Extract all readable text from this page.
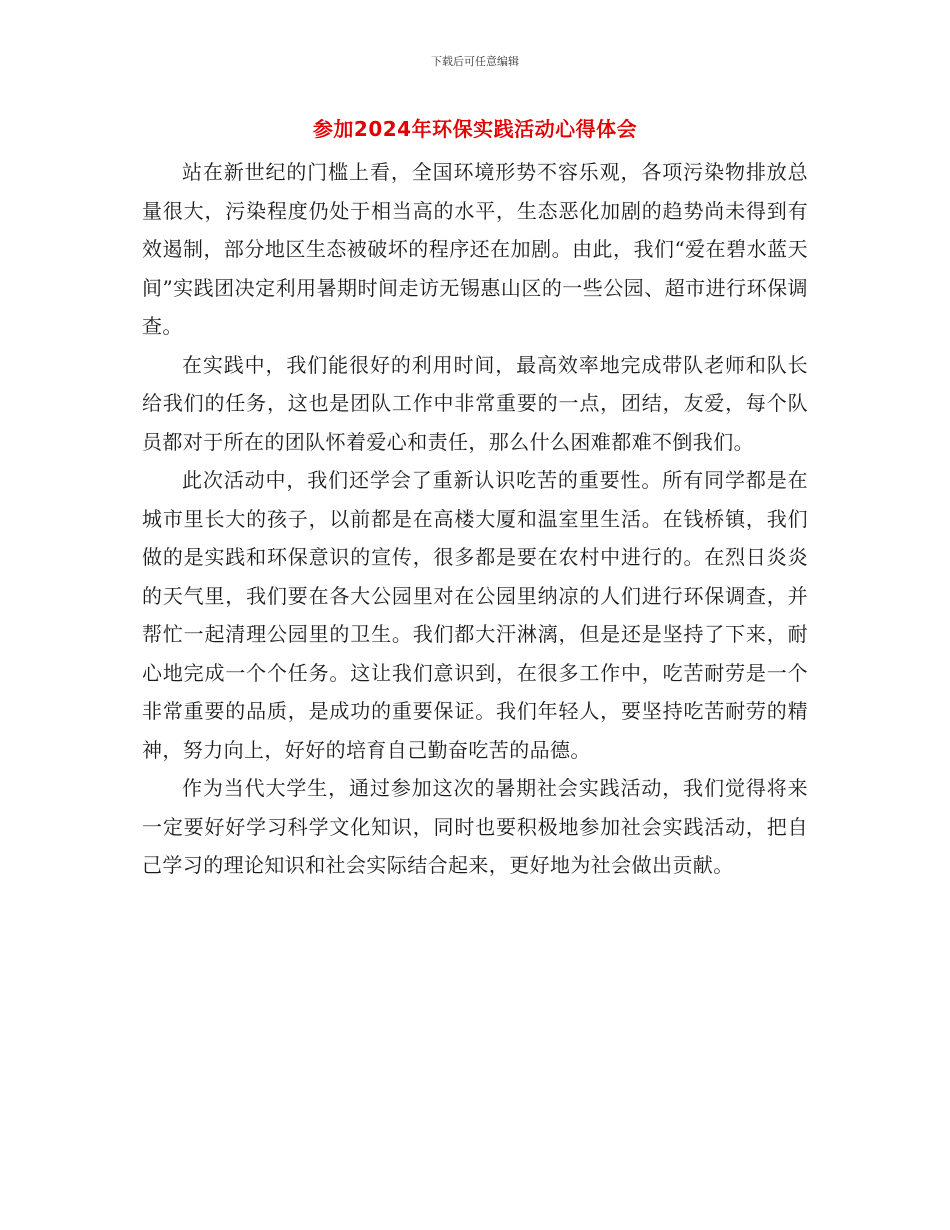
下载后可任意编辑
参加2024年环保实践活动心得体会

站在新世纪的门槛上看，全国环境形势不容乐观，各项污染物排放总量很大，污染程度仍处于相当高的水平，生态恶化加剧的趋势尚未得到有效遏制，部分地区生态被破坏的程序还在加剧。由此，我们“爱在碧水蓝天间”实践团决定利用暑期时间走访无锡惠山区的一些公园、超市进行环保调查。

在实践中，我们能很好的利用时间，最高效率地完成带队老师和队长给我们的任务，这也是团队工作中非常重要的一点，团结，友爱，每个队员都对于所在的团队怀着爱心和责任，那么什么困难都难不倒我们。

此次活动中，我们还学会了重新认识吃苦的重要性。所有同学都是在城市里长大的孩子，以前都是在高楼大厦和温室里生活。在钱桥镇，我们做的是实践和环保意识的宣传，很多都是要在农村中进行的。在烈日炎炎的天气里，我们要在各大公园里对在公园里纳凉的人们进行环保调查，并帮忙一起清理公园里的卫生。我们都大汗淋漓，但是还是坚持了下来，耐心地完成一个个任务。这让我们意识到，在很多工作中，吃苦耐劳是一个非常重要的品质，是成功的重要保证。我们年轻人，要坚持吃苦耐劳的精神，努力向上，好好的培育自己勤奋吃苦的品德。

作为当代大学生，通过参加这次的暑期社会实践活动，我们觉得将来一定要好好学习科学文化知识，同时也要积极地参加社会实践活动，把自己学习的理论知识和社会实际结合起来，更好地为社会做出贡献。
